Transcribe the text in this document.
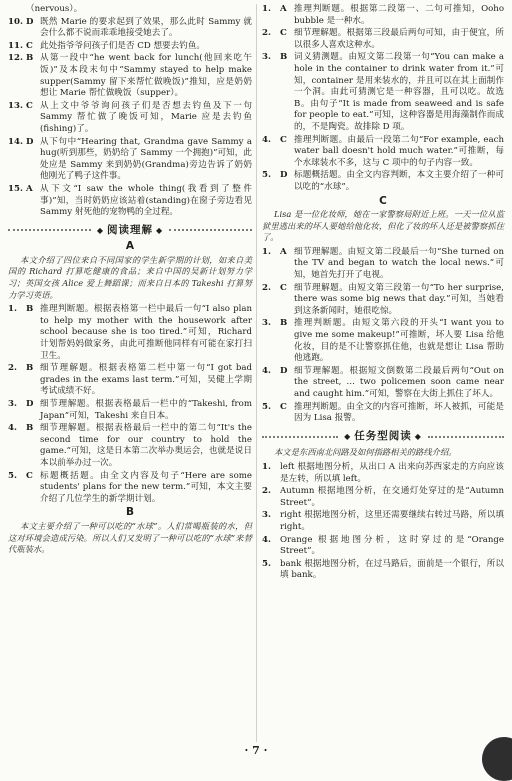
（nervous）。
10. D 既然 Marie 的要求起到了效果，那么此时 Sammy 就会什么都不说而乖乖地接受她去了。
11. C 此处指爷爷问孩子们是否 CD 想要去钓鱼。
12. B 从第一段中“he went back for lunch(他回来吃午饭)”及本段末句中“Sammy stayed to help make supper(Sammy 留下来帮忙做晚饭)”推知，应是奶奶想让 Marie 帮忙做晚饭（supper）。
13. C 从上文中爷爷询问孩子们是否想去钓鱼及下一句 Sammy 帮忙做了晚饭可知，Marie 应是去钓鱼(fishing)了。
14. D 从下句中“Hearing that, Grandma gave Sammy a hug(听到那些，奶奶给了 Sammy 一个拥抱)”可知，此处应是 Sammy 来到奶奶(Grandma)旁边告诉了奶奶他刚光了鸭子这件事。
15. A 从下文“I saw the whole thing(我看到了整件事)”知，当时奶奶应该站着(standing)在窗子旁边看见 Sammy 射死他的宠物鸭的全过程。
◆ 阅读理解 ◆
A
本文介绍了四位来自不同国家的学生新学期的计划，如来自美国的 Richard 打算吃健康的食品；来自中国的吴新计划努力学习；英国女孩 Alice 爱上舞蹈课；而来自日本的 Takeshi 打算努力学习英语。
1.	B 推理判断题。根据表格第一栏中最后一句“I also plan to help my mother with the housework after school because she is too tired.”可知，Richard 计划帮妈妈做家务，由此可推断他同样有可能在家打扫卫生。
2.	B 细节理解题。根据表格第二栏中第一句“I got bad grades in the exams last term.”可知，吴健上学期考试成绩不好。
3.	D 细节理解题。根据表格最后一栏中的“Takeshi, from Japan”可知，Takeshi 来自日本。
4.	B 细节理解题。根据表格最后一栏中的第二句“It's the second time for our country to hold the game.”可知，这是日本第二次举办奥运会，也就是说日本以前举办过一次。
5.	C 标题概括题。由全文内容及句子“Here are some students' plans for the new term.”可知，本文主要介绍了几位学生的新学期计划。
B
本文主要介绍了一种可以吃的“水球”。人们常喝瓶装的水，但这对环境会造成污染。所以人们又发明了一种可以吃的“水球”来替代瓶装水。
1.	A 推理判断题。根据第二段第一、二句可推知，Ooho bubble 是一种水。
2.	C 细节理解题。根据第三段最后两句可知，由于便宜，所以很多人喜欢这种水。
3.	B 词义猜测题。由短文第二段第一句“You can make a hole in the container to drink water from it.”可知，container 是用来装水的，并且可以在其上面制作一个洞。由此可猜测它是一种容器，且可以吃。故选 B。由句子“It is made from seaweed and is safe for people to eat.”可知，这种容器是用海藻制作而成的，不是陶瓷。故排除 D 项。
4.	C 推理判断题。由最后一段第二句“For example, each water ball doesn't hold much water.”可推断，每个水球装水不多，这与 C 项中的句子内容一致。
5.	D 标题概括题。由全文内容判断，本文主要介绍了一种可以吃的“水球”。
C
Lisa 是一位化妆师，她在一家警察局附近上班。一天一位从监狱里逃出来的坏人要她给他化妆，但化了妆的坏人还是被警察抓住了。
1.	A 细节理解题。由短文第二段最后一句“She turned on the TV and began to watch the local news.”可知，她首先打开了电视。
2.	C 细节理解题。由短文第三段第一句“To her surprise, there was some big news that day.”可知，当她看到这条新闻时，她很吃惊。
3.	B 推理判断题。由短文第六段的开头“I want you to give me some makeup!”可推断，坏人要 Lisa 给他化妆，目的是不让警察抓住他，也就是想让 Lisa 帮助他逃跑。
4.	D 细节理解题。根据短文倒数第二段最后两句“Out on the street, … two policemen soon came near and caught him.”可知，警察在大街上抓住了坏人。
5.	C 推理判断题。由全文的内容可推断，坏人被抓，可能是因为 Lisa 报警。
◆ 任务型阅读 ◆
本文是东西南北问路及如何指路相关的路线介绍。
1.	left 根据地图分析，从出口 A 出来向苏西家走的方向应该是左转，所以填 left。
2.	Autumn 根据地图分析，在交通灯处穿过的是“Autumn Street”。
3.	right 根据地图分析，这里还需要继续右转过马路，所以填 right。
4.	Orange 根据地图分析，这时穿过的是“Orange Street”。
5.	bank 根据地图分析，在过马路后，面前是一个银行，所以填 bank。
· 7 ·
